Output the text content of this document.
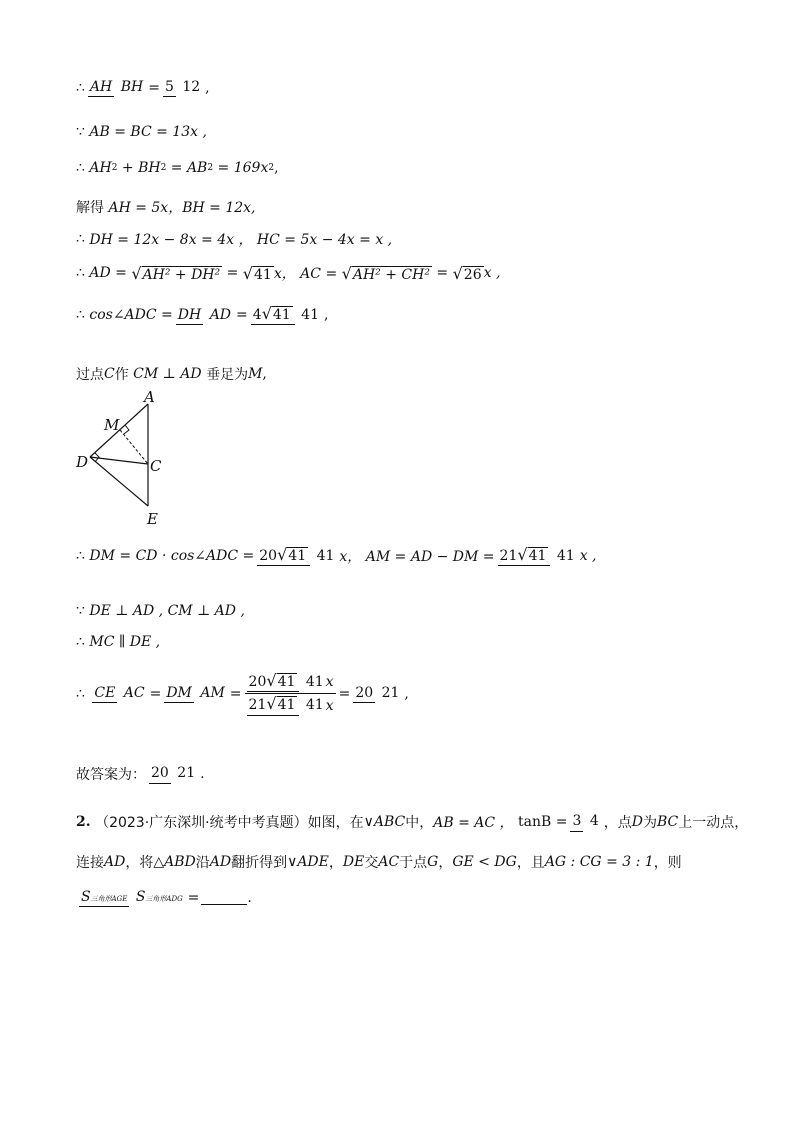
∴ AH BH = 5 12 ,
∵
AB = BC = 13x ,
∴
AH 2
+ BH 2
= AB 2
= 169x 2 ,
解得
AH = 5x，BH = 12x,
∴
DH = 12x − 8x = 4x ， HC = 5x − 4x = x ,
∴
AD =
√AH² + DH²
=
√41 x， AC =
√AH² + CH²
=
√26 x ,
∴
cos∠ADC = DH AD = 4√41 41 ,
过点 C 作
CM ⊥ AD
垂足为 M ,
A
M
D	C
E
∴
DM = CD · cos∠ADC = 20√41 41 x， AM = AD − DM = 21√41 41 x ,
∵
DE ⊥ AD , CM ⊥ AD ,
∴
MC ∥ DE ,
∴
CE AC = DM AM = $\frac{20√41 41 x}{21√41 41 x} = 20$ 21 ,
故答案为： 20 21 .
2.
（2023·广东深圳·统考中考真题）如图，在 ∨ABC 中， AB = AC ，
tanB = 3 4 ，点 D 为 BC 上一动点，
连接 AD ，将 △ABD 沿 AD 翻折得到 ∨ADE ， DE 交 AC 于点 G ， GE < DG ，且 AG : CG = 3 : 1 ，则
S三角形AGE S三角形ADG =	.
